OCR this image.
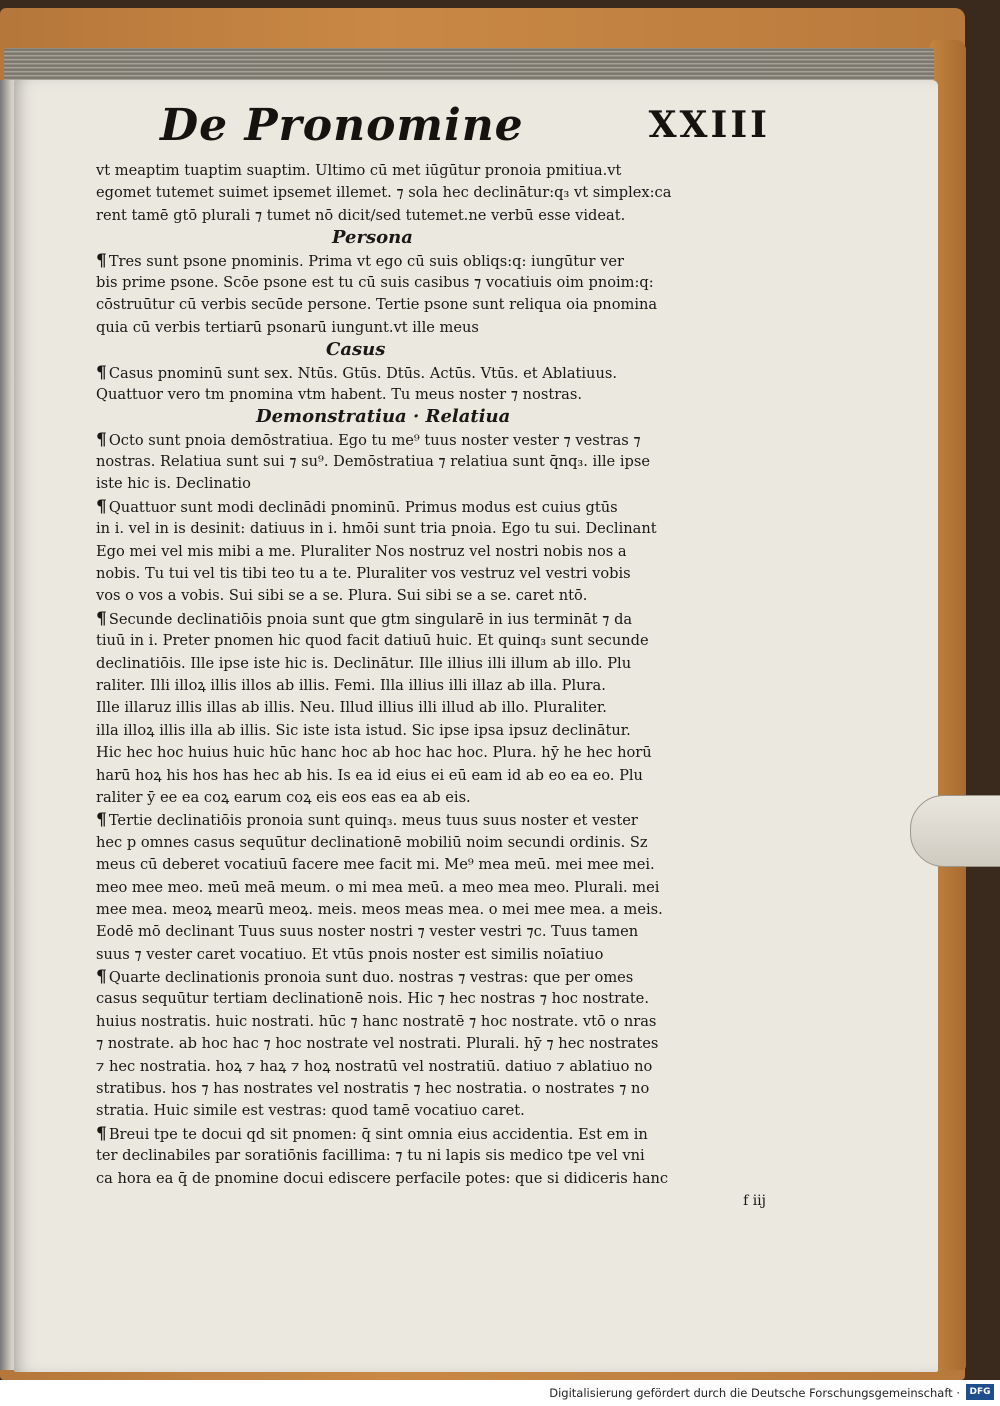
De Pronomine	XXIII
vt meaptim tuaptim suaptim. Ultimo cū met iūgūtur pronoia pmitiua.vt
egomet tutemet suimet ipsemet illemet. ⁊ sola hec declinātur:q₃ vt simplex:ca
rent tamē gtō plurali ⁊ tumet nō dicit/sed tutemet.ne verbū esse videat.
Persona
¶ Tres sunt psone pnominis. Prima vt ego cū suis obliqs:q: iungūtur ver
bis prime psone. Scōe psone est tu cū suis casibus ⁊ vocatiuis oim pnoim:q:
cōstruūtur cū verbis secūde persone. Tertie psone sunt reliqua oia pnomina
quia cū verbis tertiarū psonarū iungunt.vt ille meus
Casus
¶ Casus pnominū sunt sex. Ntūs. Gtūs. Dtūs. Actūs. Vtūs. et Ablatiuus.
Quattuor vero tm pnomina vtm habent. Tu meus noster ⁊ nostras.
Demonstratiua · Relatiua
¶ Octo sunt pnoia demōstratiua. Ego tu me⁹ tuus noster vester ⁊ vestras ⁊
nostras. Relatiua sunt sui ⁊ su⁹. Demōstratiua ⁊ relatiua sunt q̄nq₃. ille ipse
iste hic is. Declinatio
¶ Quattuor sunt modi declinādi pnominū. Primus modus est cuius gtūs
in i. vel in is desinit: datiuus in i. hmōi sunt tria pnoia. Ego tu sui. Declinant
Ego mei vel mis mibi a me. Pluraliter Nos nostruz vel nostri nobis nos a
nobis. Tu tui vel tis tibi teo tu a te. Pluraliter vos vestruz vel vestri vobis
vos o vos a vobis. Sui sibi se a se. Plura. Sui sibi se a se. caret ntō.
¶ Secunde declinatiōis pnoia sunt que gtm singularē in ius termināt ⁊ da
tiuū in i. Preter pnomen hic quod facit datiuū huic. Et quinq₃ sunt secunde
declinatiōis. Ille ipse iste hic is. Declinātur. Ille illius illi illum ab illo. Plu
raliter. Illi illoꝝ illis illos ab illis. Femi. Illa illius illi illaz ab illa. Plura.
Ille illaruz illis illas ab illis. Neu. Illud illius illi illud ab illo. Pluraliter.
illa illoꝝ illis illa ab illis. Sic iste ista istud. Sic ipse ipsa ipsuz declinātur.
Hic hec hoc huius huic hūc hanc hoc ab hoc hac hoc. Plura. hȳ he hec horū
harū hoꝝ his hos has hec ab his. Is ea id eius ei eū eam id ab eo ea eo. Plu
raliter ȳ ee ea coꝝ earum coꝝ eis eos eas ea ab eis.
¶ Tertie declinatiōis pronoia sunt quinq₃. meus tuus suus noster et vester
hec p omnes casus sequūtur declinationē mobiliū noim secundi ordinis. Sz
meus cū deberet vocatiuū facere mee facit mi. Me⁹ mea meū. mei mee mei.
meo mee meo. meū meā meum. o mi mea meū. a meo mea meo. Plurali. mei
mee mea. meoꝝ mearū meoꝝ. meis. meos meas mea. o mei mee mea. a meis.
Eodē mō declinant Tuus suus noster nostri ⁊ vester vestri ⁊c. Tuus tamen
suus ⁊ vester caret vocatiuo. Et vtūs pnois noster est similis noīatiuo
¶ Quarte declinationis pronoia sunt duo. nostras ⁊ vestras: que per omes
casus sequūtur tertiam declinationē nois. Hic ⁊ hec nostras ⁊ hoc nostrate.
huius nostratis. huic nostrati. hūc ⁊ hanc nostratē ⁊ hoc nostrate. vtō o nras
⁊ nostrate. ab hoc hac ⁊ hoc nostrate vel nostrati. Plurali. hȳ ⁊ hec nostrates
⁊ hec nostratia. hoꝝ ⁊ haꝝ ⁊ hoꝝ nostratū vel nostratiū. datiuo ⁊ ablatiuo no
stratibus. hos ⁊ has nostrates vel nostratis ⁊ hec nostratia. o nostrates ⁊ no
stratia. Huic simile est vestras: quod tamē vocatiuo caret.
¶ Breui tpe te docui qd sit pnomen: q̄ sint omnia eius accidentia. Est em in
ter declinabiles par soratiōnis facillima: ⁊ tu ni lapis sis medico tpe vel vni
ca hora ea q̄ de pnomine docui ediscere perfacile potes: que si didiceris hanc
f iij
Digitalisierung gefördert durch die Deutsche Forschungsgemeinschaft ·	DFG
